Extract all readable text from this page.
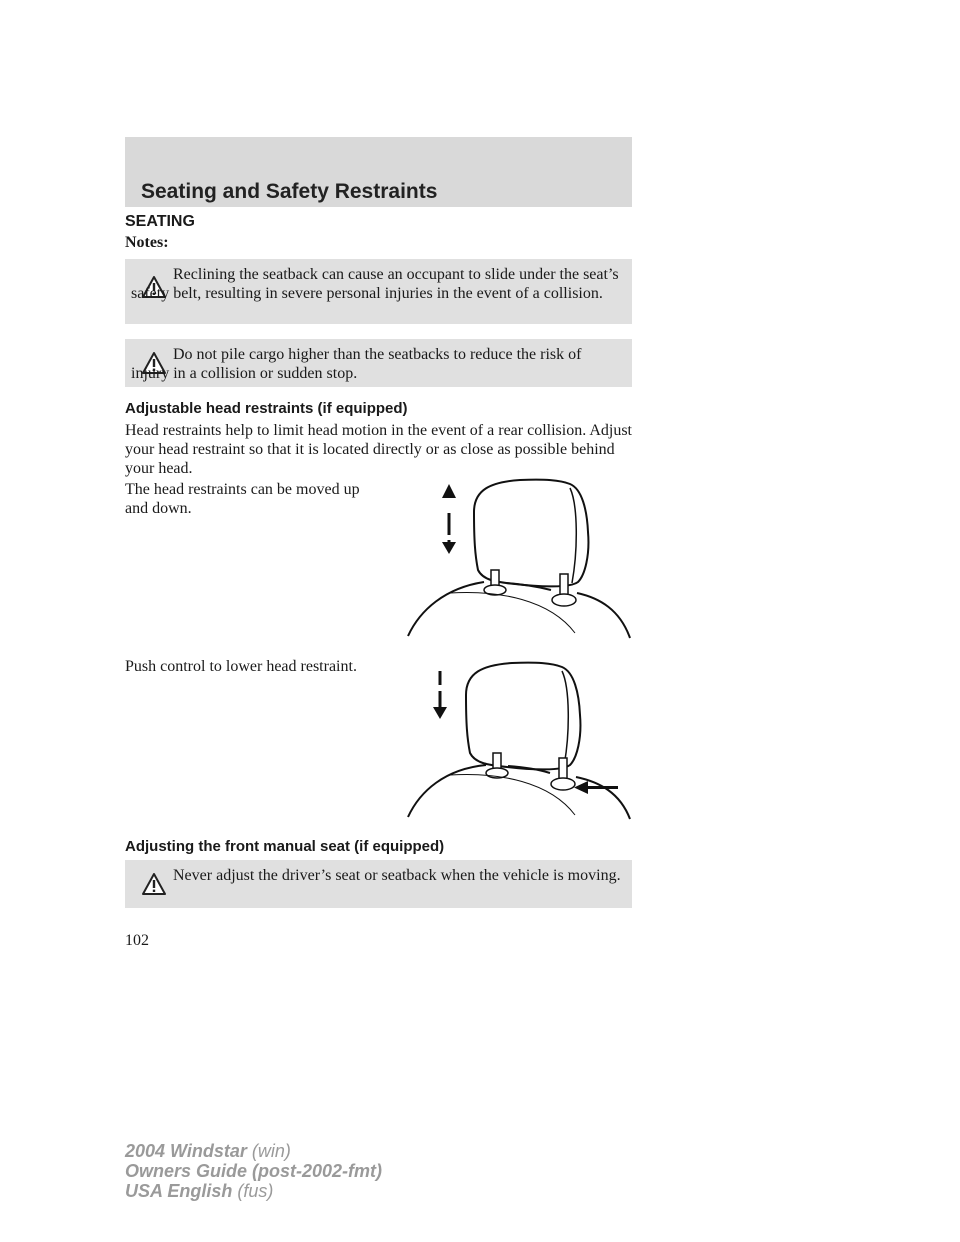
Seating and Safety Restraints
SEATING
Notes:
Reclining the seatback can cause an occupant to slide under the seat’s safety belt, resulting in severe personal injuries in the event of a collision.
Do not pile cargo higher than the seatbacks to reduce the risk of injury in a collision or sudden stop.
Adjustable head restraints (if equipped)
Head restraints help to limit head motion in the event of a rear collision. Adjust your head restraint so that it is located directly or as close as possible behind your head.
The head restraints can be moved up and down.
Push control to lower head restraint.
Adjusting the front manual seat (if equipped)
Never adjust the driver’s seat or seatback when the vehicle is moving.
102
2004 Windstar (win)
Owners Guide (post-2002-fmt)
USA English (fus)
